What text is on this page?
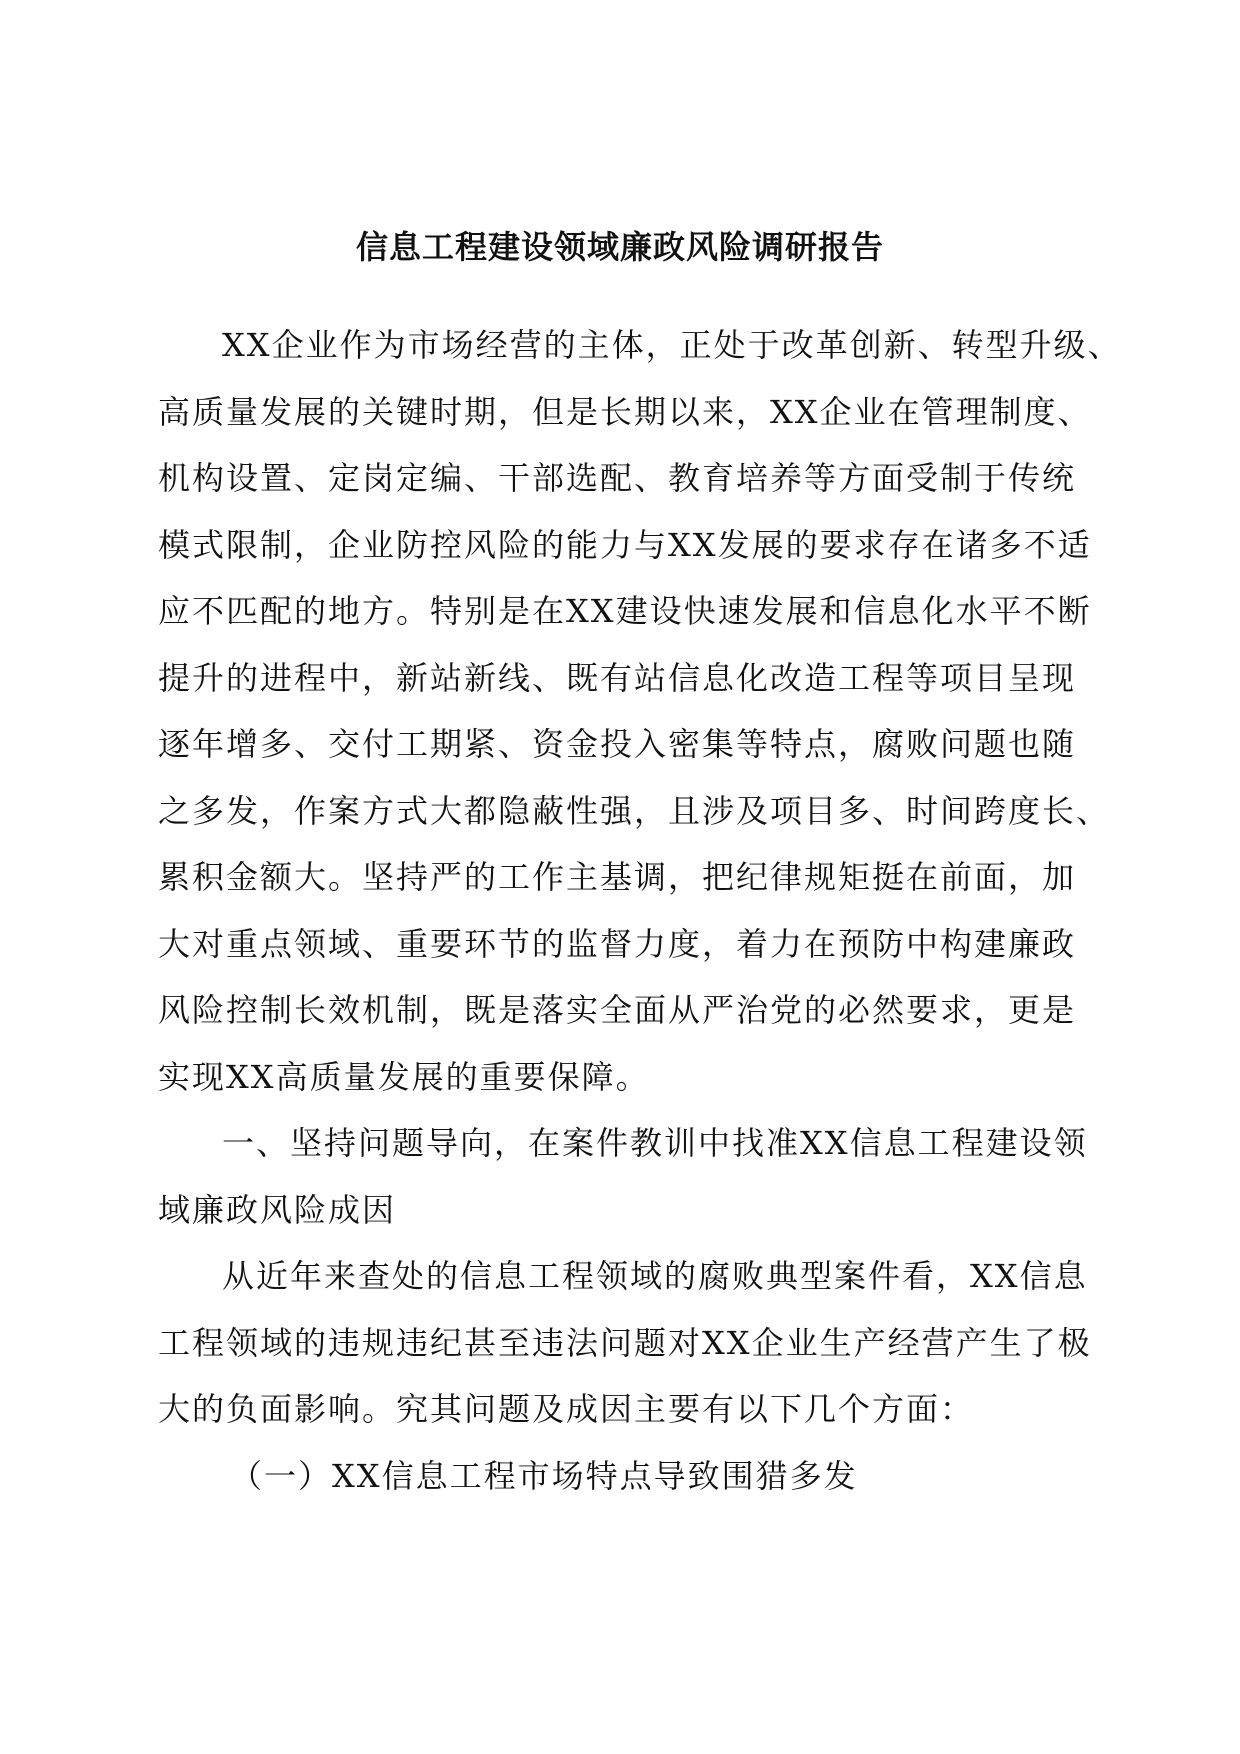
信息工程建设领域廉政风险调研报告
XX企业作为市场经营的主体，正处于改革创新、转型升级、
高质量发展的关键时期，但是长期以来，XX企业在管理制度、
机构设置、定岗定编、干部选配、教育培养等方面受制于传统
模式限制，企业防控风险的能力与XX发展的要求存在诸多不适
应不匹配的地方。特别是在XX建设快速发展和信息化水平不断
提升的进程中，新站新线、既有站信息化改造工程等项目呈现
逐年增多、交付工期紧、资金投入密集等特点，腐败问题也随
之多发，作案方式大都隐蔽性强，且涉及项目多、时间跨度长、
累积金额大。坚持严的工作主基调，把纪律规矩挺在前面，加
大对重点领域、重要环节的监督力度，着力在预防中构建廉政
风险控制长效机制，既是落实全面从严治党的必然要求，更是
实现XX高质量发展的重要保障。
一、坚持问题导向，在案件教训中找准XX信息工程建设领
域廉政风险成因
从近年来查处的信息工程领域的腐败典型案件看，XX信息
工程领域的违规违纪甚至违法问题对XX企业生产经营产生了极
大的负面影响。究其问题及成因主要有以下几个方面：
（一）XX信息工程市场特点导致围猎多发
